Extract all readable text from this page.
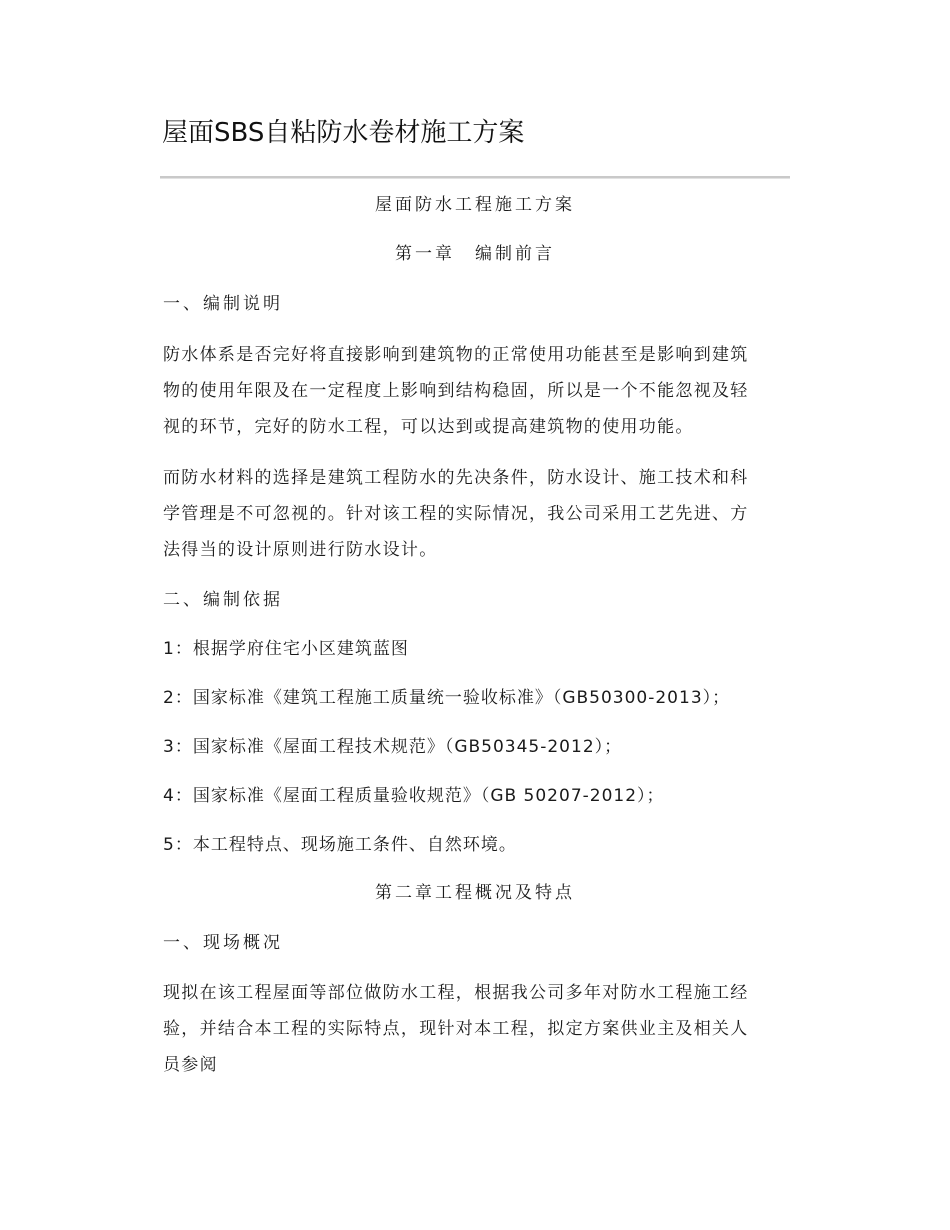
屋面SBS自粘防水卷材施工方案
屋面防水工程施工方案
第一章　编制前言
一、编制说明
防水体系是否完好将直接影响到建筑物的正常使用功能甚至是影响到建筑
物的使用年限及在一定程度上影响到结构稳固，所以是一个不能忽视及轻
视的环节，完好的防水工程，可以达到或提高建筑物的使用功能。
而防水材料的选择是建筑工程防水的先决条件，防水设计、施工技术和科
学管理是不可忽视的。针对该工程的实际情况，我公司采用工艺先进、方
法得当的设计原则进行防水设计。
二、编制依据
1：根据学府住宅小区建筑蓝图
2：国家标准《建筑工程施工质量统一验收标准》（GB50300-2013）；
3：国家标准《屋面工程技术规范》（GB50345-2012）；
4：国家标准《屋面工程质量验收规范》（GB 50207-2012）；
5：本工程特点、现场施工条件、自然环境。
第二章工程概况及特点
一、现场概况
现拟在该工程屋面等部位做防水工程，根据我公司多年对防水工程施工经
验，并结合本工程的实际特点，现针对本工程，拟定方案供业主及相关人
员参阅
